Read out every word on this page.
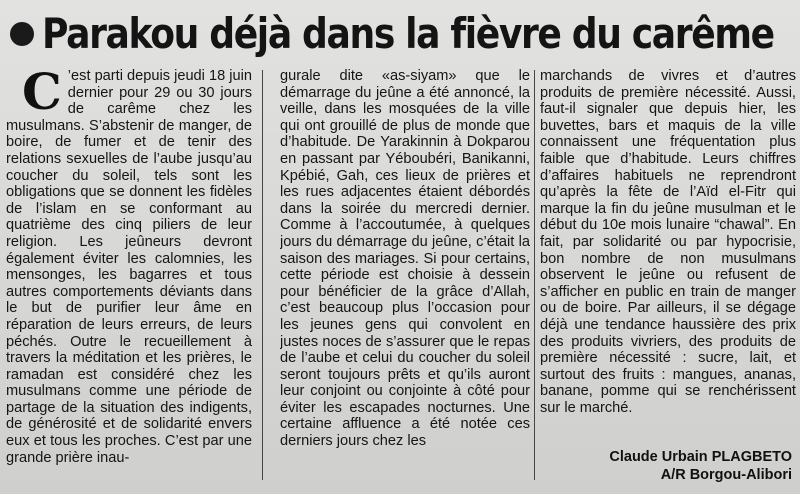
Parakou déjà dans la fièvre du carême

C ’est parti depuis jeudi 18 juin dernier pour 29 ou 30 jours de carême chez les musulmans. S’abstenir de manger, de boire, de fumer et de tenir des relations sexuelles de l’aube jusqu’au coucher du soleil, tels sont les obligations que se donnent les fidèles de l’islam en se conformant au quatrième des cinq piliers de leur religion. Les jeûneurs devront également éviter les calomnies, les mensonges, les bagarres et tous autres comportements déviants dans le but de purifier leur âme en réparation de leurs erreurs, de leurs péchés. Outre le recueillement à travers la méditation et les prières, le ramadan est considéré chez les musulmans comme une période de partage de la situation des indigents, de générosité et de solidarité envers eux et tous les proches. C’est par une grande prière inau-

gurale dite «as-siyam» que le démarrage du jeûne a été annoncé, la veille, dans les mosquées de la ville qui ont grouillé de plus de monde que d’habitude. De Yarakinnin à Dokparou en passant par Yéboubéri, Banikanni, Kpébié, Gah, ces lieux de prières et les rues adjacentes étaient débordés dans la soirée du mercredi dernier. Comme à l’accoutumée, à quelques jours du démarrage du jeûne, c’était la saison des mariages. Si pour certains, cette période est choisie à dessein pour bénéficier de la grâce d’Allah, c’est beaucoup plus l’occasion pour les jeunes gens qui convolent en justes noces de s’assurer que le repas de l’aube et celui du coucher du soleil seront toujours prêts et qu’ils auront leur conjoint ou conjointe à côté pour éviter les escapades nocturnes. Une certaine affluence a été notée ces derniers jours chez les

marchands de vivres et d’autres produits de première nécessité. Aussi, faut-il signaler que depuis hier, les buvettes, bars et maquis de la ville connaissent une fréquentation plus faible que d’habitude. Leurs chiffres d’affaires habituels ne reprendront qu’après la fête de l’Aïd el-Fitr qui marque la fin du jeûne musulman et le début du 10e mois lunaire “chawal”. En fait, par solidarité ou par hypocrisie, bon nombre de non musulmans observent le jeûne ou refusent de s’afficher en public en train de manger ou de boire. Par ailleurs, il se dégage déjà une tendance haussière des prix des produits vivriers, des produits de première nécessité : sucre, lait, et surtout des fruits : mangues, ananas, banane, pomme qui se renchérissent sur le marché.

Claude Urbain PLAGBETO
A/R Borgou-Alibori
